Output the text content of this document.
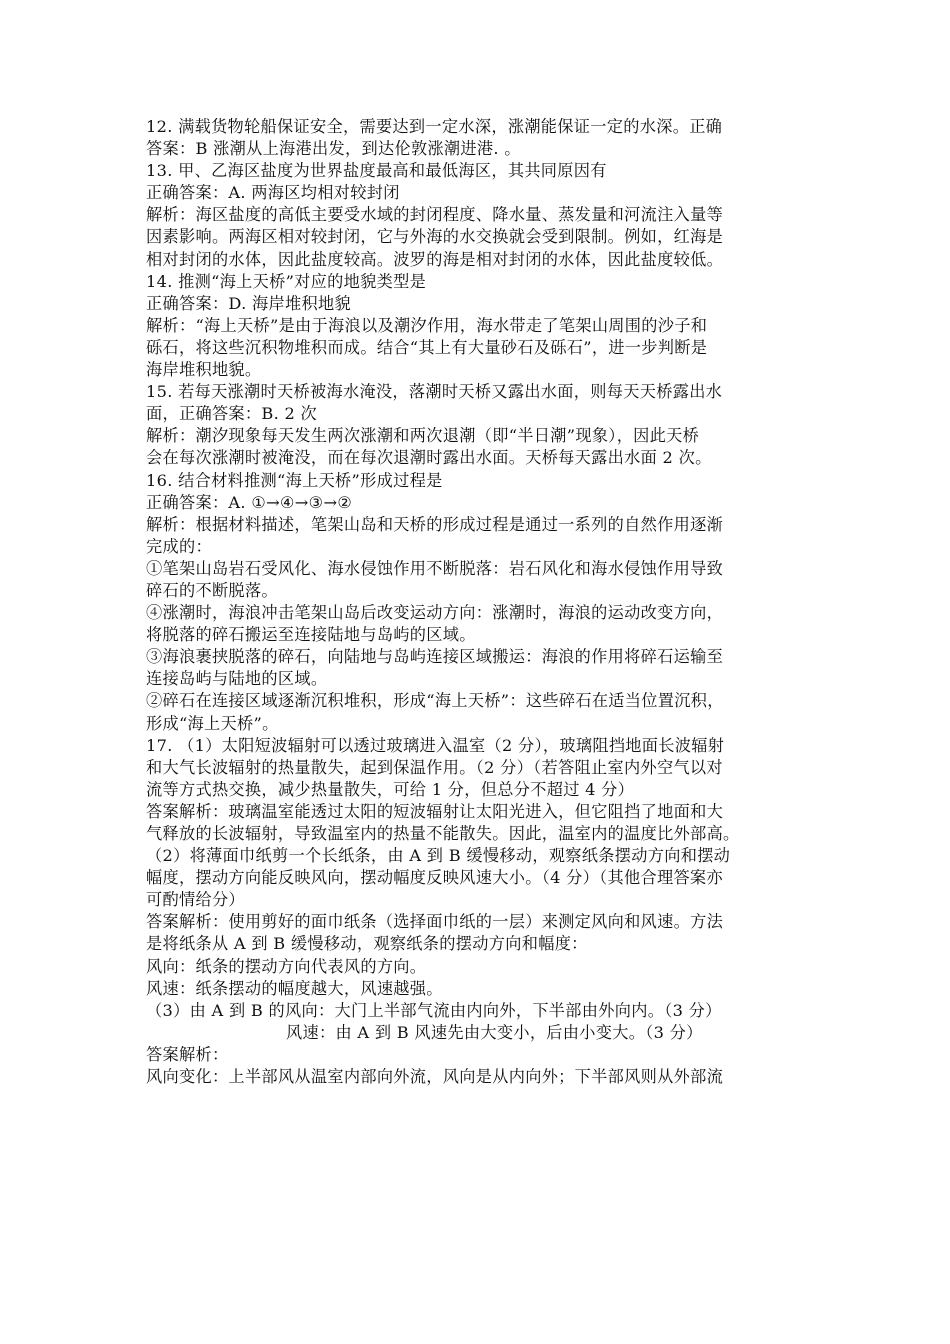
12. 满载货物轮船保证安全，需要达到一定水深，涨潮能保证一定的水深。正确
答案：B 涨潮从上海港出发，到达伦敦涨潮进港. 。
13. 甲、乙海区盐度为世界盐度最高和最低海区，其共同原因有
正确答案：A. 两海区均相对较封闭
解析：海区盐度的高低主要受水域的封闭程度、降水量、蒸发量和河流注入量等
因素影响。两海区相对较封闭，它与外海的水交换就会受到限制。例如，红海是
相对封闭的水体，因此盐度较高。波罗的海是相对封闭的水体，因此盐度较低。
14. 推测“海上天桥”对应的地貌类型是
正确答案：D. 海岸堆积地貌
解析：“海上天桥”是由于海浪以及潮汐作用，海水带走了笔架山周围的沙子和
砾石，将这些沉积物堆积而成。结合“其上有大量砂石及砾石”，进一步判断是
海岸堆积地貌。
15. 若每天涨潮时天桥被海水淹没，落潮时天桥又露出水面，则每天天桥露出水
面，正确答案：B. 2 次
解析：潮汐现象每天发生两次涨潮和两次退潮（即“半日潮”现象），因此天桥
会在每次涨潮时被淹没，而在每次退潮时露出水面。天桥每天露出水面 2 次。
16. 结合材料推测“海上天桥”形成过程是
正确答案：A. ①→④→③→②
解析：根据材料描述，笔架山岛和天桥的形成过程是通过一系列的自然作用逐渐
完成的：
①笔架山岛岩石受风化、海水侵蚀作用不断脱落：岩石风化和海水侵蚀作用导致
碎石的不断脱落。
④涨潮时，海浪冲击笔架山岛后改变运动方向：涨潮时，海浪的运动改变方向，
将脱落的碎石搬运至连接陆地与岛屿的区域。
③海浪裹挟脱落的碎石，向陆地与岛屿连接区域搬运：海浪的作用将碎石运输至
连接岛屿与陆地的区域。
②碎石在连接区域逐渐沉积堆积，形成“海上天桥”：这些碎石在适当位置沉积，
形成“海上天桥”。
17. （1）太阳短波辐射可以透过玻璃进入温室（2 分），玻璃阻挡地面长波辐射
和大气长波辐射的热量散失，起到保温作用。（2 分）（若答阻止室内外空气以对
流等方式热交换，减少热量散失，可给 1 分，但总分不超过 4 分）
答案解析：玻璃温室能透过太阳的短波辐射让太阳光进入，但它阻挡了地面和大
气释放的长波辐射，导致温室内的热量不能散失。因此，温室内的温度比外部高。
（2）将薄面巾纸剪一个长纸条，由 A 到 B 缓慢移动，观察纸条摆动方向和摆动
幅度，摆动方向能反映风向，摆动幅度反映风速大小。（4 分）（其他合理答案亦
可酌情给分）
答案解析：使用剪好的面巾纸条（选择面巾纸的一层）来测定风向和风速。方法
是将纸条从 A 到 B 缓慢移动，观察纸条的摆动方向和幅度：
风向：纸条的摆动方向代表风的方向。
风速：纸条摆动的幅度越大，风速越强。
（3）由 A 到 B 的风向：大门上半部气流由内向外，下半部由外向内。（3 分）
风速：由 A 到 B 风速先由大变小，后由小变大。（3 分）
答案解析：
风向变化：上半部风从温室内部向外流，风向是从内向外；下半部风则从外部流
